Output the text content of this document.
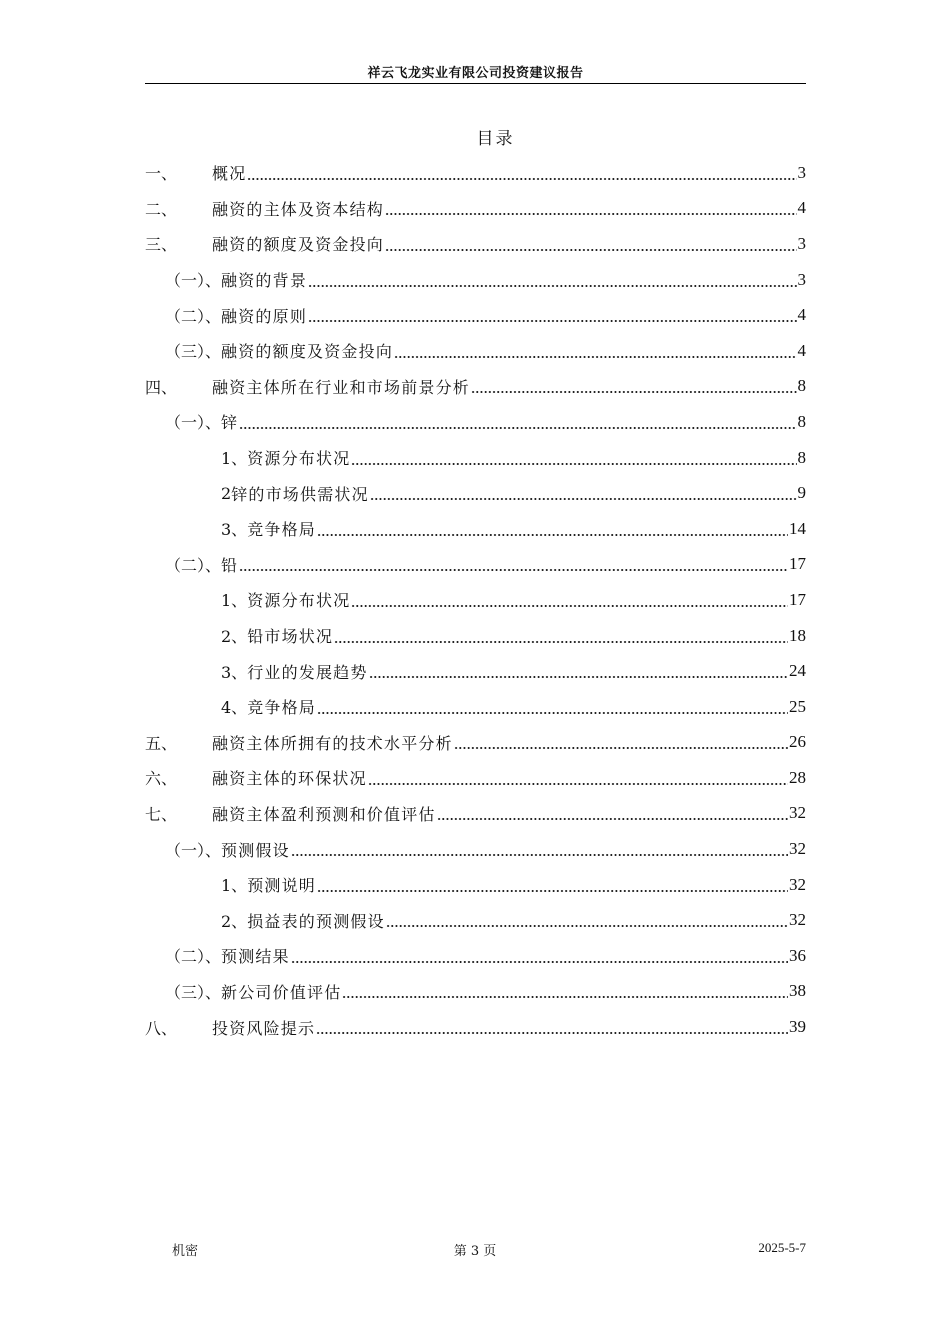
祥云飞龙实业有限公司投资建议报告
目录
一、	概况	3
二、	融资的主体及资本结构	4
三、	融资的额度及资金投向	3
（一）、 融资的背景	3
（二）、 融资的原则	4
（三）、 融资的额度及资金投向	4
四、	融资主体所在行业和市场前景分析	8
（一）、 锌	8
1、 资源分布状况	8
2 锌的市场供需状况	9
3、 竞争格局	14
（二）、 铅	17
1、 资源分布状况	17
2、 铅市场状况	18
3、 行业的发展趋势	24
4、 竞争格局	25
五、	融资主体所拥有的技术水平分析	26
六、	融资主体的环保状况	28
七、	融资主体盈利预测和价值评估	32
（一）、 预测假设	32
1、 预测说明	32
2、 损益表的预测假设	32
（二）、 预测结果	36
（三）、 新公司价值评估	38
八、	投资风险提示	39
机密	第 3 页	2025-5-7
